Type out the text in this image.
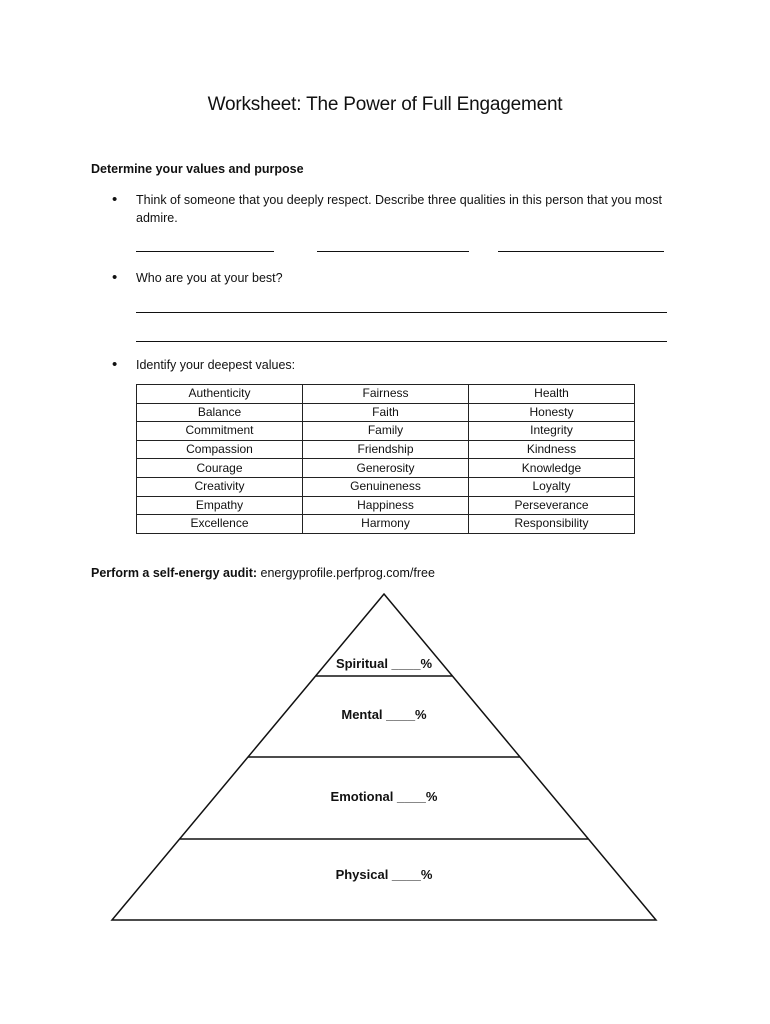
Worksheet: The Power of Full Engagement
Determine your values and purpose
• Think of someone that you deeply respect. Describe three qualities in this person that you most admire.
• Who are you at your best?
• Identify your deepest values:
Authenticity	Fairness	Health
Balance	Faith	Honesty
Commitment	Family	Integrity
Compassion	Friendship	Kindness
Courage	Generosity	Knowledge
Creativity	Genuineness	Loyalty
Empathy	Happiness	Perseverance
Excellence	Harmony	Responsibility
Perform a self-energy audit: energyprofile.perfprog.com/free
Spiritual ____%
Mental ____%
Emotional ____%
Physical ____%
